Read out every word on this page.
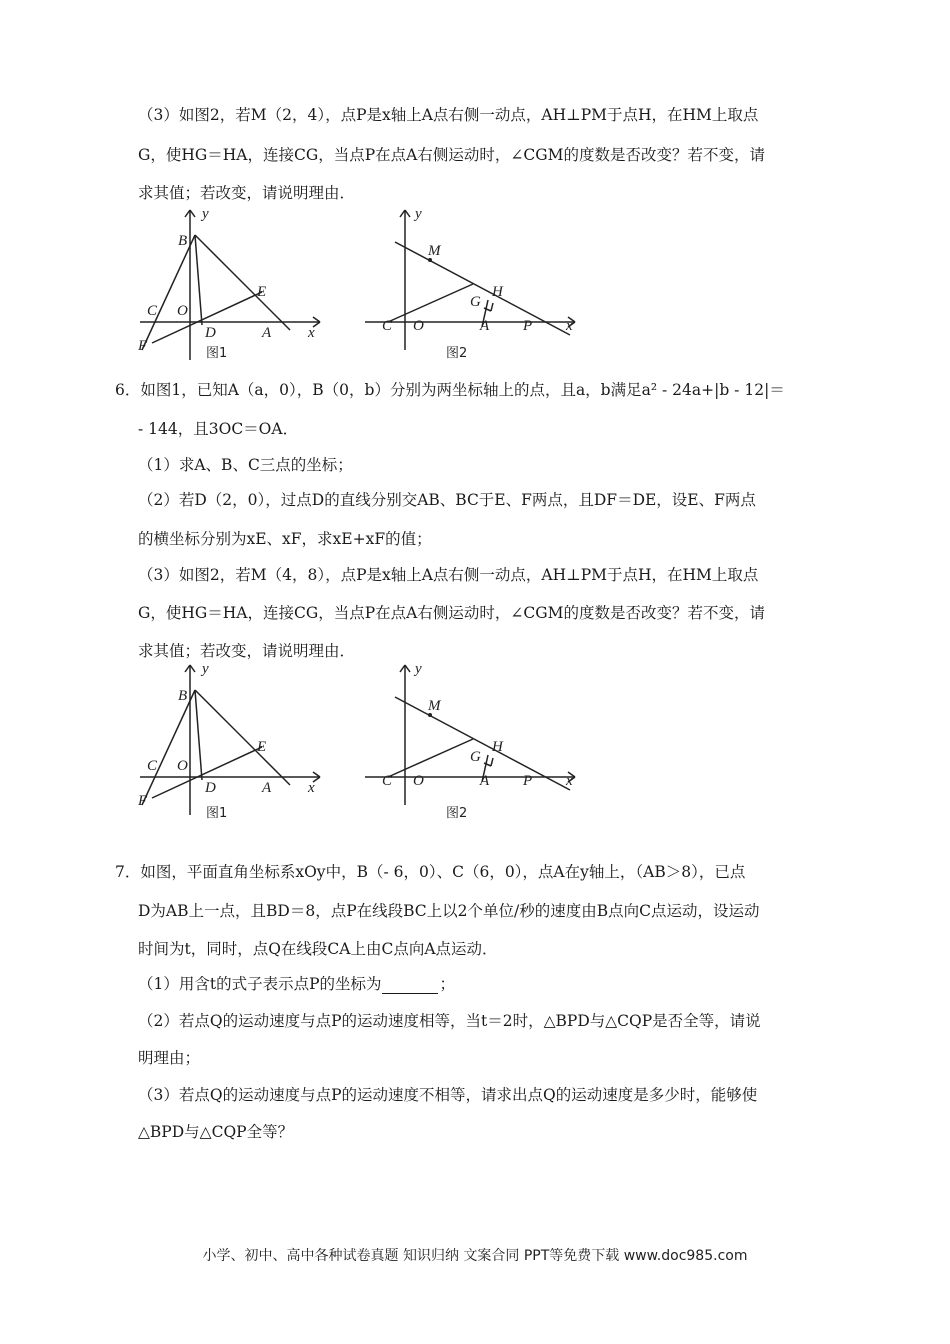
（3）如图2，若M（2，4），点P是x轴上A点右侧一动点，AH⊥PM于点H，在HM上取点
G，使HG＝HA，连接CG，当点P在点A右侧运动时，∠CGM的度数是否改变？若不变，请
求其值；若改变，请说明理由．
y
B
E
C O
D	A x
F	图1
y
M
G
H
C O	A P x
图2
6．如图1，已知A（a，0），B（0，b）分别为两坐标轴上的点，且a，b满足a² - 24a+|b - 12|＝
- 144，且3OC＝OA．
（1）求A、B、C三点的坐标；
（2）若D（2，0），过点D的直线分别交AB、BC于E、F两点，且DF＝DE，设E、F两点
的横坐标分别为xE、xF，求xE+xF的值；
（3）如图2，若M（4，8），点P是x轴上A点右侧一动点，AH⊥PM于点H，在HM上取点
G，使HG＝HA，连接CG，当点P在点A右侧运动时，∠CGM的度数是否改变？若不变，请
求其值；若改变，请说明理由．
y
B
E
C O
D	A x
F
图1
y
M
G
H
C O	A P x
图2
7．如图，平面直角坐标系xOy中，B（- 6，0）、C（6，0），点A在y轴上，（AB＞8），已点
D为AB上一点，且BD＝8，点P在线段BC上以2个单位/秒的速度由B点向C点运动，设运动
时间为t，同时，点Q在线段CA上由C点向A点运动．
（1）用含t的式子表示点P的坐标为	；
（2）若点Q的运动速度与点P的运动速度相等，当t＝2时，△BPD与△CQP是否全等，请说
明理由；
（3）若点Q的运动速度与点P的运动速度不相等，请求出点Q的运动速度是多少时，能够使
△BPD与△CQP全等？
小学、初中、高中各种试卷真题 知识归纳 文案合同 PPT等免费下载 www.doc985.com
